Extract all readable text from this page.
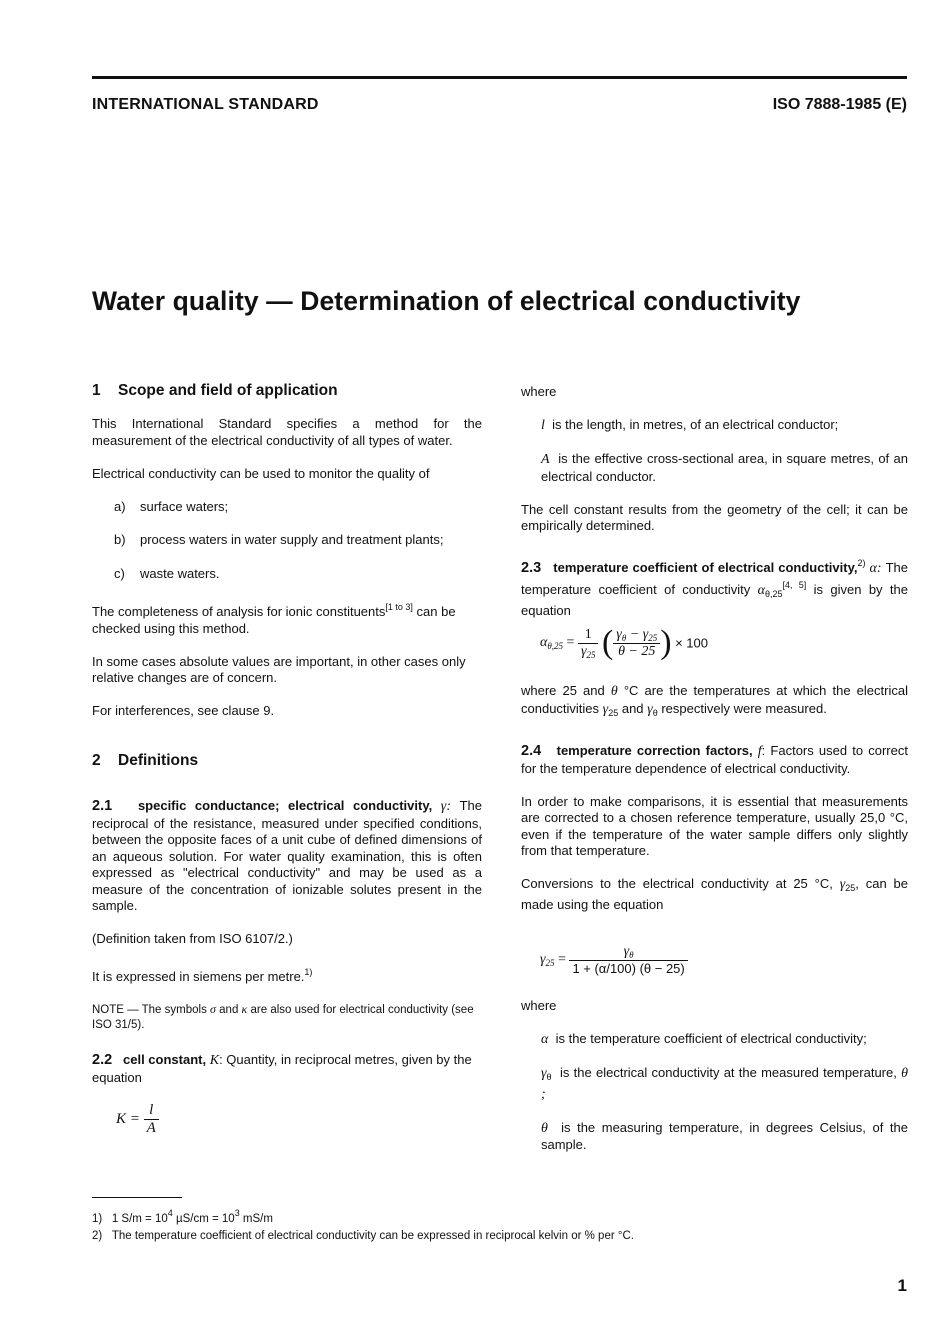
INTERNATIONAL STANDARD	ISO 7888-1985 (E)
Water quality — Determination of electrical conductivity
1 Scope and field of application

This International Standard specifies a method for the measurement of the electrical conductivity of all types of water.

Electrical conductivity can be used to monitor the quality of

a) surface waters;
b) process waters in water supply and treatment plants;
c) waste waters.

The completeness of analysis for ionic constituents[1 to 3] can be checked using this method.

In some cases absolute values are important, in other cases only relative changes are of concern.

For interferences, see clause 9.

2 Definitions

2.1 specific conductance; electrical conductivity, γ: The reciprocal of the resistance, measured under specified conditions, between the opposite faces of a unit cube of defined dimensions of an aqueous solution. For water quality examination, this is often expressed as "electrical conductivity" and may be used as a measure of the concentration of ionizable solutes present in the sample.

(Definition taken from ISO 6107/2.)

It is expressed in siemens per metre.$^{1)}$

NOTE — The symbols σ and κ are also used for electrical conductivity (see ISO 31/5).

2.2 cell constant, K: Quantity, in reciprocal metres, given by the equation

$K = \frac{l}{A}$

where

l is the length, in metres, of an electrical conductor;

A is the effective cross-sectional area, in square metres, of an electrical conductor.

The cell constant results from the geometry of the cell; it can be empirically determined.

2.3 temperature coefficient of electrical conductivity,$^{2)}$ α: The temperature coefficient of conductivity $\alpha_{\theta,25}[4, 5]$ is given by the equation

$\alpha_{\theta,25} = \frac{1}{\gamma_{25}}$ ( $\frac{\gamma_\theta - \gamma_{25}}{\theta - 25}$ ) × 100

where 25 and θ °C are the temperatures at which the electrical conductivities $\gamma_{25}$ and $\gamma_\theta$ respectively were measured.

2.4 temperature correction factors, f: Factors used to correct for the temperature dependence of electrical conductivity.

In order to make comparisons, it is essential that measurements are corrected to a chosen reference temperature, usually 25,0 °C, even if the temperature of the water sample differs only slightly from that temperature.

Conversions to the electrical conductivity at 25 °C, $\gamma_{25}$, can be made using the equation

$\gamma_{25} = \frac{\gamma_\theta}{1 + (\alpha/100) (\theta - 25)}$

where

α is the temperature coefficient of electrical conductivity;

$\gamma_\theta$ is the electrical conductivity at the measured temperature, θ ;

θ is the measuring temperature, in degrees Celsius, of the sample.

1) 1 $S/m = 10^4$ $\mu S/cm = 10^3$ mS/m
2) The temperature coefficient of electrical conductivity can be expressed in reciprocal kelvin or % per °C.
1
